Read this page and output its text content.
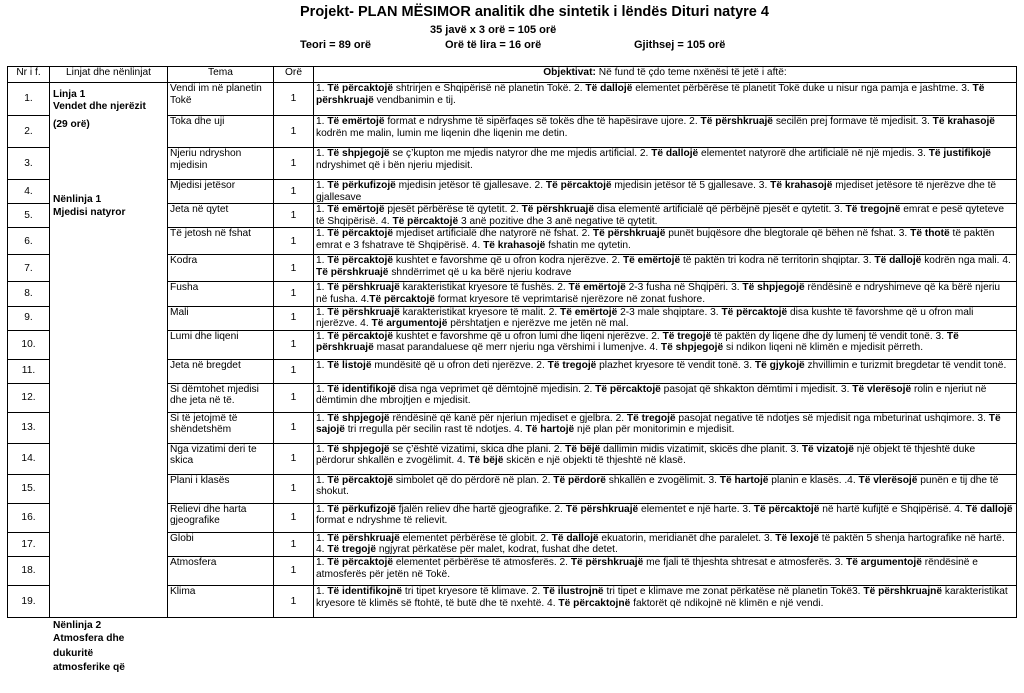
Projekt- PLAN MËSIMOR analitik dhe sintetik i lëndës Dituri natyre 4
35 javë x 3 orë = 105 orë
Teori = 89 orë	Orë të lira = 16 orë	Gjithsej = 105 orë
Nr i f.	Linjat dhe nënlinjat	Tema	Orë	Objektivat: Në fund të çdo teme nxënësi të jetë i aftë:
1.		Vendi im në planetin Tokë	1	1. Të përcaktojë shtrirjen e Shqipërisë në planetin Tokë. 2. Të dallojë elementet përbërëse të planetit Tokë duke u nisur nga pamja e jashtme. 3. Të përshkruajë vendbanimin e tij.
2.		Toka dhe uji	1	1. Të emërtojë format e ndryshme të sipërfaqes së tokës dhe të hapësirave ujore. 2. Të përshkruajë secilën prej formave të mjedisit. 3. Të krahasojë kodrën me malin, lumin me liqenin dhe liqenin me detin.
3.		Njeriu ndryshon mjedisin	1	1. Të shpjegojë se ç’kupton me mjedis natyror dhe me mjedis artificial. 2. Të dallojë elementet natyrorë dhe artificialë në një mjedis. 3. Të justifikojë ndryshimet që i bën njeriu mjedisit.
4.		Mjedisi jetësor	1	1. Të përkufizojë mjedisin jetësor të gjallesave. 2. Të përcaktojë mjedisin jetësor të 5 gjallesave. 3. Të krahasojë mjediset jetësore të njerëzve dhe të gjallesave
5.		Jeta në qytet	1	1. Të emërtojë pjesët përbërëse të qytetit. 2. Të përshkruajë disa elementë artificialë që përbëjnë pjesët e qytetit. 3. Të tregojnë emrat e pesë qyteteve të Shqipërisë. 4. Të përcaktojë 3 anë pozitive dhe 3 anë negative të qytetit.
6.		Të jetosh në fshat	1	1. Të përcaktojë mjediset artificialë dhe natyrorë në fshat. 2. Të përshkruajë punët bujqësore dhe blegtorale që bëhen në fshat. 3. Të thotë të paktën emrat e 3 fshatrave të Shqipërisë. 4. Të krahasojë fshatin me qytetin.
7.		Kodra	1	1. Të përcaktojë kushtet e favorshme që u ofron kodra njerëzve. 2. Të emërtojë të paktën tri kodra në territorin shqiptar. 3. Të dallojë kodrën nga mali. 4. Të përshkruajë shndërrimet që u ka bërë njeriu kodrave
8.		Fusha	1	1. Të përshkruajë karakteristikat kryesore të fushës. 2. Të emërtojë 2-3 fusha në Shqipëri. 3. Të shpjegojë rëndësinë e ndryshimeve që ka bërë njeriu në fusha. 4.Të përcaktojë format kryesore të veprimtarisë njerëzore në zonat fushore.
9.		Mali	1	1. Të përshkruajë karakteristikat kryesore të malit. 2. Të emërtojë 2-3 male shqiptare. 3. Të përcaktojë disa kushte të favorshme që u ofron mali njerëzve. 4. Të argumentojë përshtatjen e njerëzve me jetën në mal.
10.		Lumi dhe liqeni	1	1. Të përcaktojë kushtet e favorshme që u ofron lumi dhe liqeni njerëzve. 2. Të tregojë të paktën dy liqene dhe dy lumenj të vendit tonë. 3. Të përshkruajë masat parandaluese që merr njeriu nga vërshimi i lumenjve. 4. Të shpjegojë si ndikon liqeni në klimën e mjedisit përreth.
11.		Jeta në bregdet	1	1. Të listojë mundësitë që u ofron deti njerëzve. 2. Të tregojë plazhet kryesore të vendit tonë. 3. Të gjykojë zhvillimin e turizmit bregdetar të vendit tonë.
12.		Si dëmtohet mjedisi dhe jeta në të.	1	1. Të identifikojë disa nga veprimet që dëmtojnë mjedisin. 2. Të përcaktojë pasojat që shkakton dëmtimi i mjedisit. 3. Të vlerësojë rolin e njeriut në dëmtimin dhe mbrojtjen e mjedisit.
13.		Si të jetojmë të shëndetshëm	1	1. Të shpjegojë rëndësinë që kanë për njeriun mjediset e gjelbra. 2. Të tregojë pasojat negative të ndotjes së mjedisit nga mbeturinat ushqimore. 3. Të sajojë tri rregulla për secilin rast të ndotjes. 4. Të hartojë një plan për monitorimin e mjedisit.
14.		Nga vizatimi deri te skica	1	1. Të shpjegojë se ç’është vizatimi, skica dhe plani. 2. Të bëjë dallimin midis vizatimit, skicës dhe planit. 3. Të vizatojë një objekt të thjeshtë duke përdorur shkallën e zvogëlimit. 4. Të bëjë skicën e një objekti të thjeshtë në klasë.
15.		Plani i klasës	1	1. Të përcaktojë simbolet që do përdorë në plan. 2. Të përdorë shkallën e zvogëlimit. 3. Të hartojë planin e klasës. .4. Të vlerësojë punën e tij dhe të shokut.
16.		Relievi dhe harta gjeografike	1	1. Të përkufizojë fjalën reliev dhe hartë gjeografike. 2. Të përshkruajë elementet e një harte. 3. Të përcaktojë në hartë kufijtë e Shqipërisë. 4. Të dallojë format e ndryshme të relievit.
17.		Globi	1	1. Të përshkruajë elementet përbërëse të globit. 2. Të dallojë ekuatorin, meridianët dhe paralelet. 3. Të lexojë të paktën 5 shenja hartografike në hartë. 4. Të tregojë ngjyrat përkatëse për malet, kodrat, fushat dhe detet.
18.		Atmosfera	1	1. Të përcaktojë elementet përbërëse të atmosferës. 2. Të përshkruajë me fjali të thjeshta shtresat e atmosferës. 3. Të argumentojë rëndësinë e atmosferës për jetën në Tokë.
19.		Klima	1	1. Të identifikojnë tri tipet kryesore të klimave. 2. Të ilustrojnë tri tipet e klimave me zonat përkatëse në planetin Tokë3. Të përshkruajnë karakteristikat kryesore të klimës së ftohtë, të butë dhe të nxehtë. 4. Të përcaktojnë faktorët që ndikojnë në klimën e një vendi.
Linja 1
Vendet dhe njerëzit
(29 orë)
Nënlinja 1
Mjedisi natyror
Nënlinja 2
Atmosfera dhe
dukuritë
atmosferike që
